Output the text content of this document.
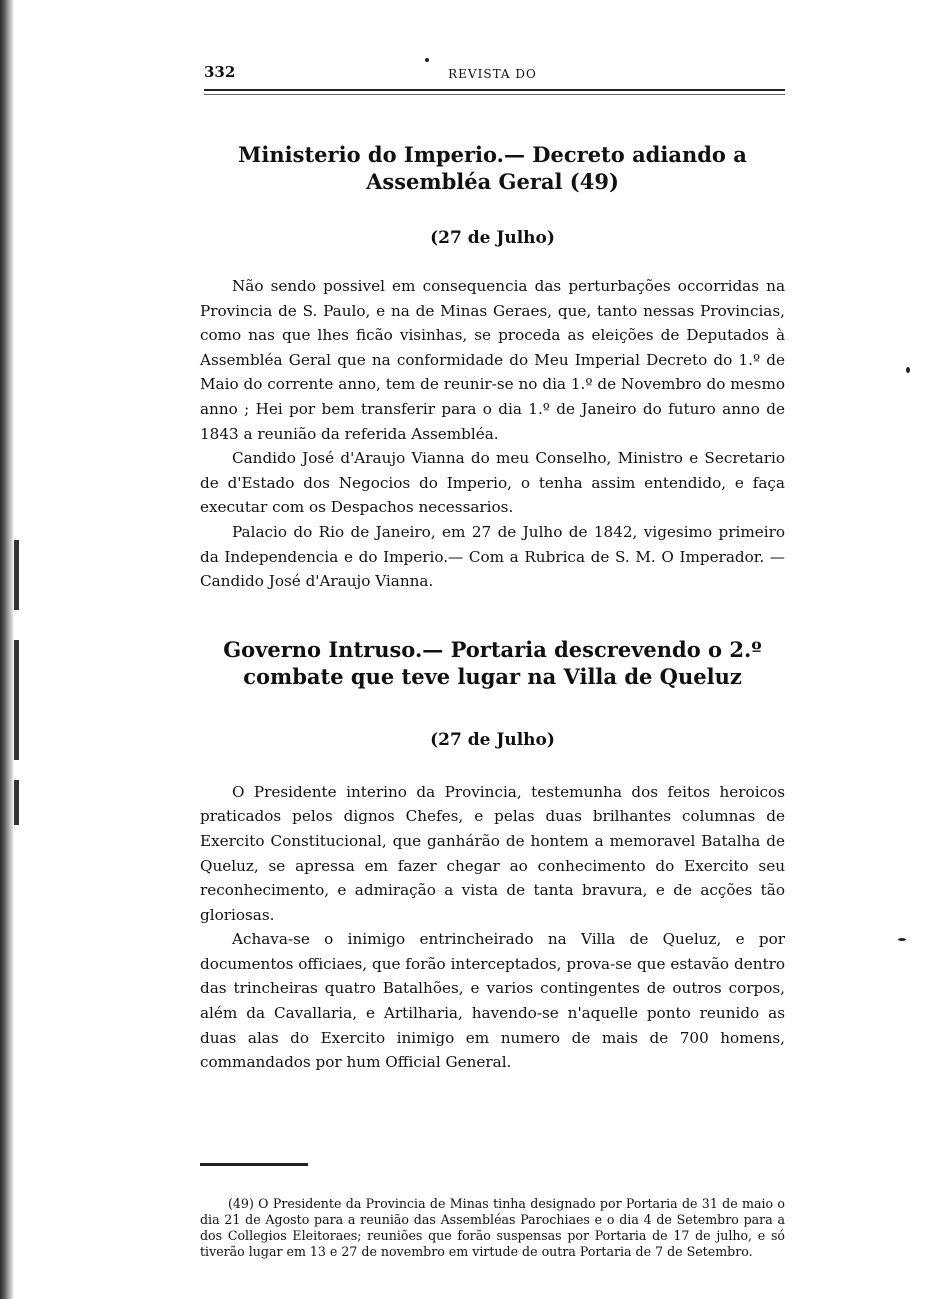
332	REVISTA DO
Ministerio do Imperio.— Decreto adiando a Assembléa Geral (49)

(27 de Julho)

Não sendo possivel em consequencia das perturbações occorridas na Provincia de S. Paulo, e na de Minas Geraes, que, tanto nessas Provincias, como nas que lhes ficão visinhas, se proceda as eleições de Deputados à Assembléa Geral que na conformidade do Meu Imperial Decreto do 1.º de Maio do corrente anno, tem de reunir-se no dia 1.º de Novembro do mesmo anno ; Hei por bem transferir para o dia 1.º de Janeiro do futuro anno de 1843 a reunião da referida Assembléa.

Candido José d'Araujo Vianna do meu Conselho, Ministro e Secretario de d'Estado dos Negocios do Imperio, o tenha assim entendido, e faça executar com os Despachos necessarios.

Palacio do Rio de Janeiro, em 27 de Julho de 1842, vigesimo primeiro da Independencia e do Imperio.— Com a Rubrica de S. M. O Imperador. — Candido José d'Araujo Vianna.

Governo Intruso.— Portaria descrevendo o 2.º combate que teve lugar na Villa de Queluz

(27 de Julho)

O Presidente interino da Provincia, testemunha dos feitos heroicos praticados pelos dignos Chefes, e pelas duas brilhantes columnas de Exercito Constitucional, que ganhárão de hontem a memoravel Batalha de Queluz, se apressa em fazer chegar ao conhecimento do Exercito seu reconhecimento, e admiração a vista de tanta bravura, e de acções tão gloriosas.

Achava-se o inimigo entrincheirado na Villa de Queluz, e por documentos officiaes, que forão interceptados, prova-se que estavão dentro das trincheiras quatro Batalhões, e varios contingentes de outros corpos, além da Cavallaria, e Artilharia, havendo-se n'aquelle ponto reunido as duas alas do Exercito inimigo em numero de mais de 700 homens, commandados por hum Official General.

(49) O Presidente da Provincia de Minas tinha designado por Portaria de 31 de maio o dia 21 de Agosto para a reunião das Assembléas Parochiaes e o dia 4 de Setembro para a dos Collegios Eleitoraes; reuniões que forão suspensas por Portaria de 17 de julho, e só tiverão lugar em 13 e 27 de novembro em virtude de outra Portaria de 7 de Setembro.
